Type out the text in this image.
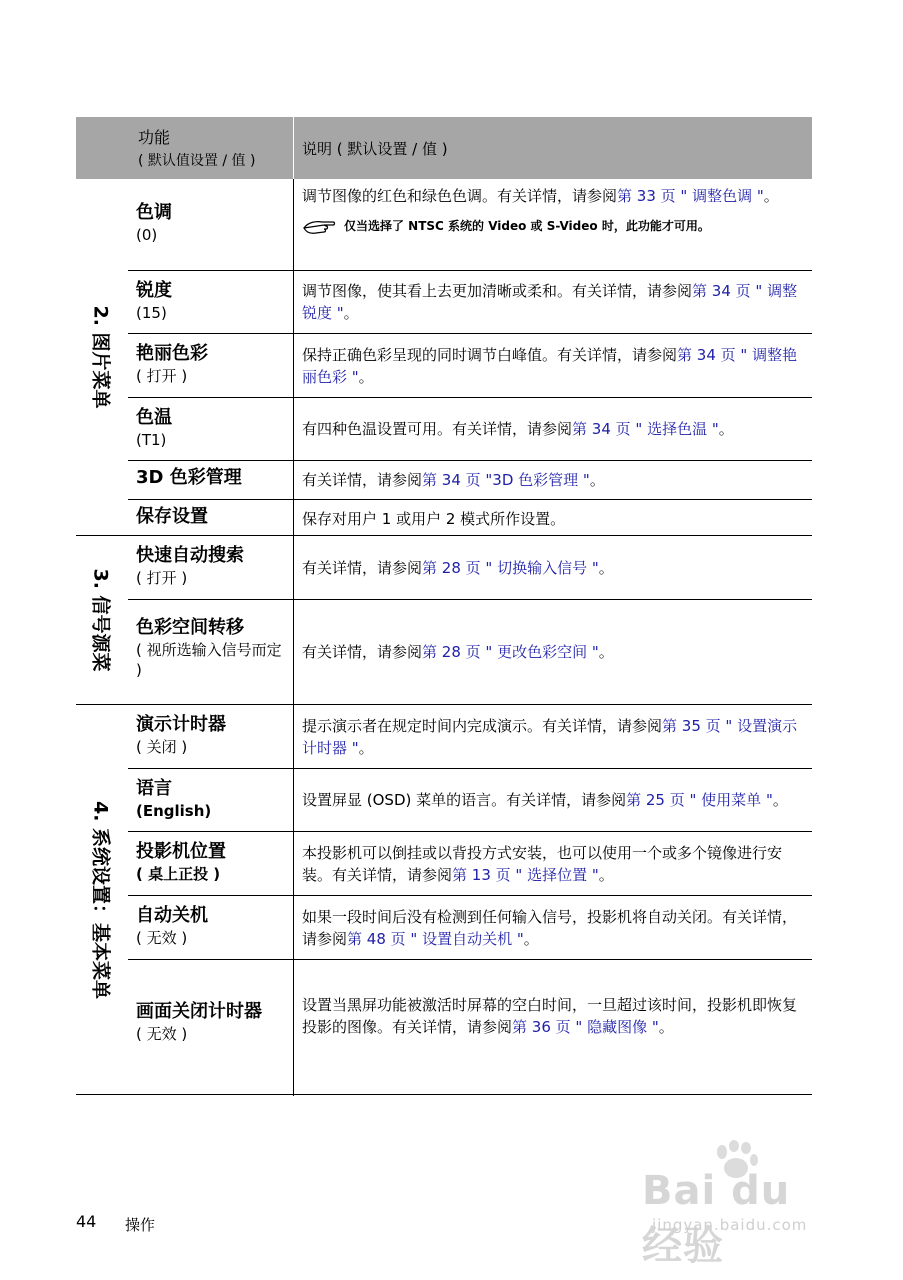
功能
( 默认值设置 / 值 )
说明 ( 默认设置 / 值 )
2. 图片菜单
色调
(0)
调节图像的红色和绿色色调。有关详情，请参阅第 33 页 " 调整色调 "。
仅当选择了 NTSC 系统的 Video 或 S-Video 时，此功能才可用。
锐度
(15)
调节图像，使其看上去更加清晰或柔和。有关详情，请参阅第 34 页 " 调整锐度 "。
艳丽色彩
( 打开 )
保持正确色彩呈现的同时调节白峰值。有关详情，请参阅第 34 页 " 调整艳丽色彩 "。
色温
(T1)
有四种色温设置可用。有关详情，请参阅第 34 页 " 选择色温 "。
3D 色彩管理	有关详情，请参阅第 34 页 "3D 色彩管理 "。
保存设置	保存对用户 1 或用户 2 模式所作设置。
3. 信号源菜
快速自动搜索
( 打开 )
有关详情，请参阅第 28 页 " 切换输入信号 "。
色彩空间转移
( 视所选输入信号而定 )
有关详情，请参阅第 28 页 " 更改色彩空间 "。
4. 系统设置：基本菜单
演示计时器
( 关闭 )
提示演示者在规定时间内完成演示。有关详情，请参阅第 35 页 " 设置演示计时器 "。
语言
(English)
设置屏显 (OSD) 菜单的语言。有关详情，请参阅第 25 页 " 使用菜单 "。
投影机位置
( 桌上正投 )
本投影机可以倒挂或以背投方式安装，也可以使用一个或多个镜像进行安装。有关详情，请参阅第 13 页 " 选择位置 "。
自动关机
( 无效 )
如果一段时间后没有检测到任何输入信号，投影机将自动关闭。有关详情，请参阅第 48 页 " 设置自动关机 "。
画面关闭计时器
( 无效 )
设置当黑屏功能被激活时屏幕的空白时间，一旦超过该时间，投影机即恢复投影的图像。有关详情，请参阅第 36 页 " 隐藏图像 "。
44 操作
Bai du 经验
jingyan.baidu.com
